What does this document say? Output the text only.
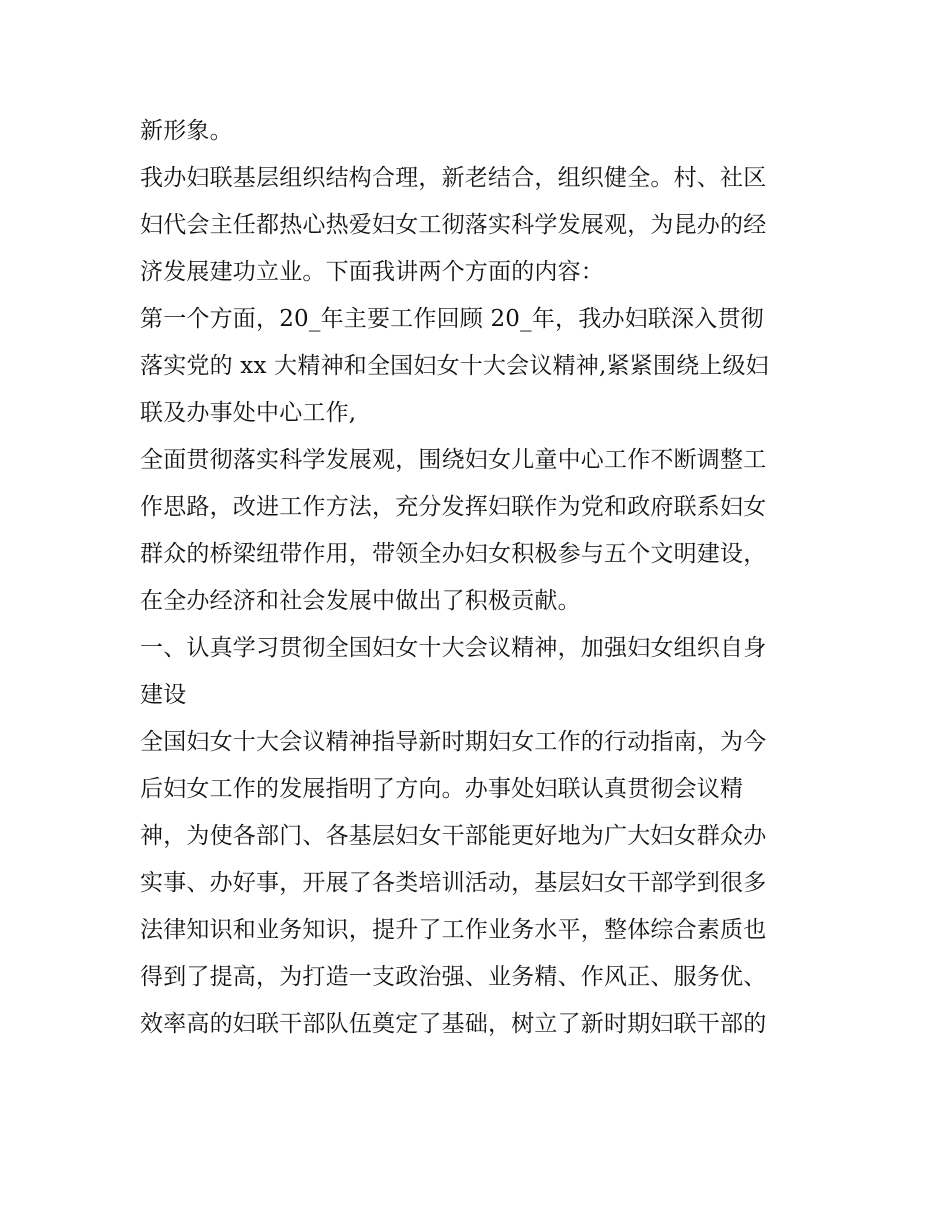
新形象。
我办妇联基层组织结构合理，新老结合，组织健全。村、社区
妇代会主任都热心热爱妇女工彻落实科学发展观，为昆办的经
济发展建功立业。下面我讲两个方面的内容：
第一个方面，20_年主要工作回顾 20_年，我办妇联深入贯彻
落实党的 xx 大精神和全国妇女十大会议精神,紧紧围绕上级妇
联及办事处中心工作,
全面贯彻落实科学发展观，围绕妇女儿童中心工作不断调整工
作思路，改进工作方法，充分发挥妇联作为党和政府联系妇女
群众的桥梁纽带作用，带领全办妇女积极参与五个文明建设，
在全办经济和社会发展中做出了积极贡献。
一、认真学习贯彻全国妇女十大会议精神，加强妇女组织自身
建设
全国妇女十大会议精神指导新时期妇女工作的行动指南，为今
后妇女工作的发展指明了方向。办事处妇联认真贯彻会议精
神，为使各部门、各基层妇女干部能更好地为广大妇女群众办
实事、办好事，开展了各类培训活动，基层妇女干部学到很多
法律知识和业务知识，提升了工作业务水平，整体综合素质也
得到了提高，为打造一支政治强、业务精、作风正、服务优、
效率高的妇联干部队伍奠定了基础，树立了新时期妇联干部的
